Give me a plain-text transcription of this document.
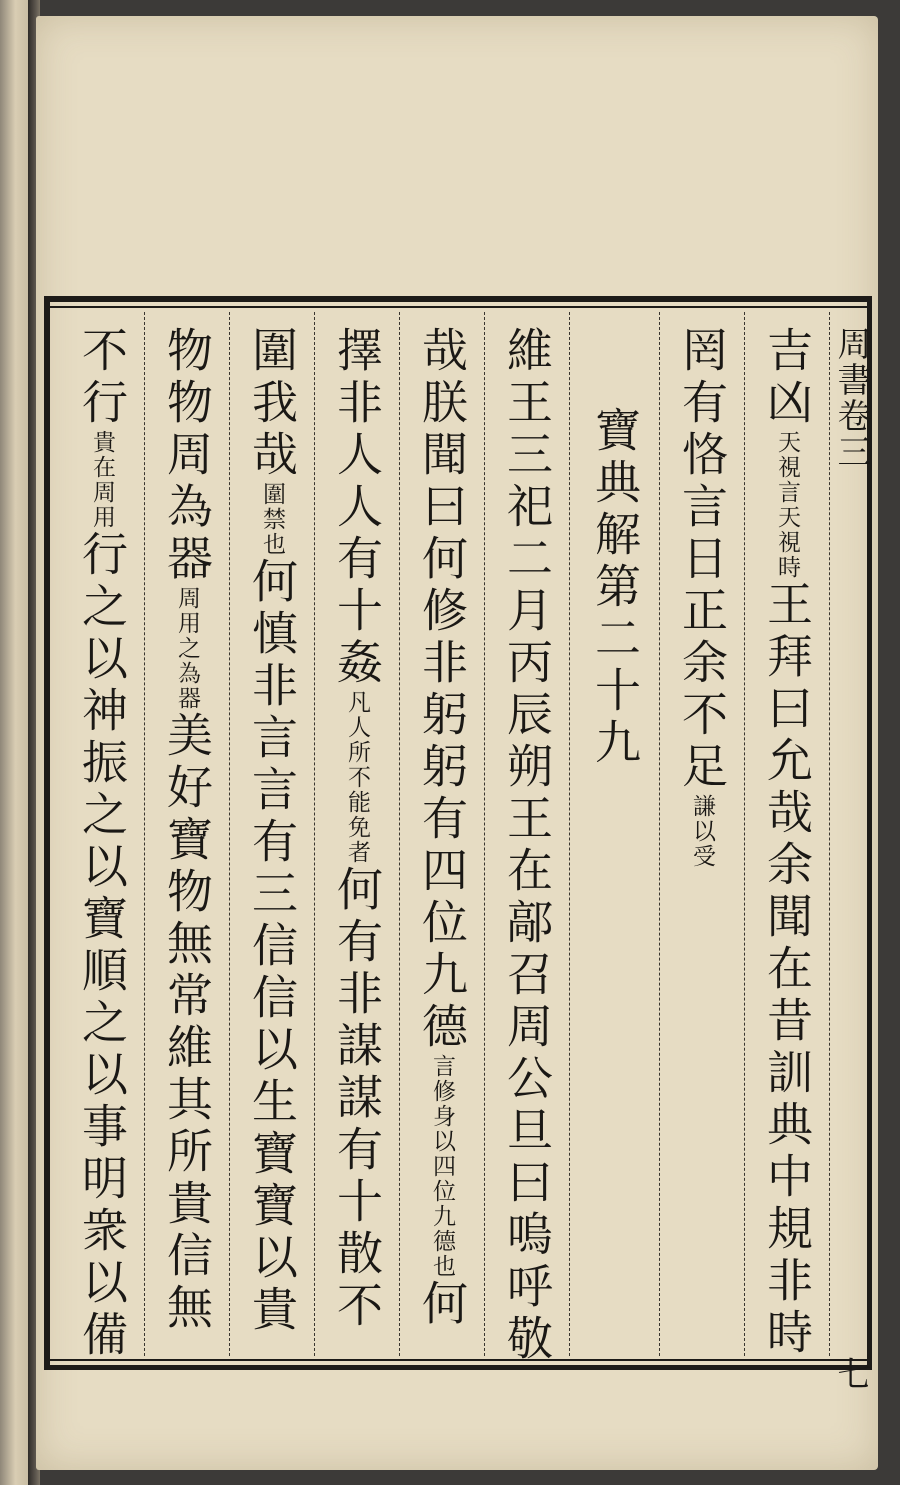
周書卷三
七
吉凶天視言天視時王拜曰允哉余聞在昔訓典中規非時
罔有恪言日正余不足謙以受
寶典解第二十九
維王三祀二月丙辰朔王在鄗召周公旦曰嗚呼敬
哉朕聞曰何修非躬躬有四位九德言修身以四位九德也何
擇非人人有十姦凡人所不能免者何有非謀謀有十散不
圍我哉圍禁也何慎非言言有三信信以生寶寶以貴
物物周為器周用之為器美好寶物無常維其所貴信無
不行貴在周用行之以神振之以寶順之以事明衆以備
